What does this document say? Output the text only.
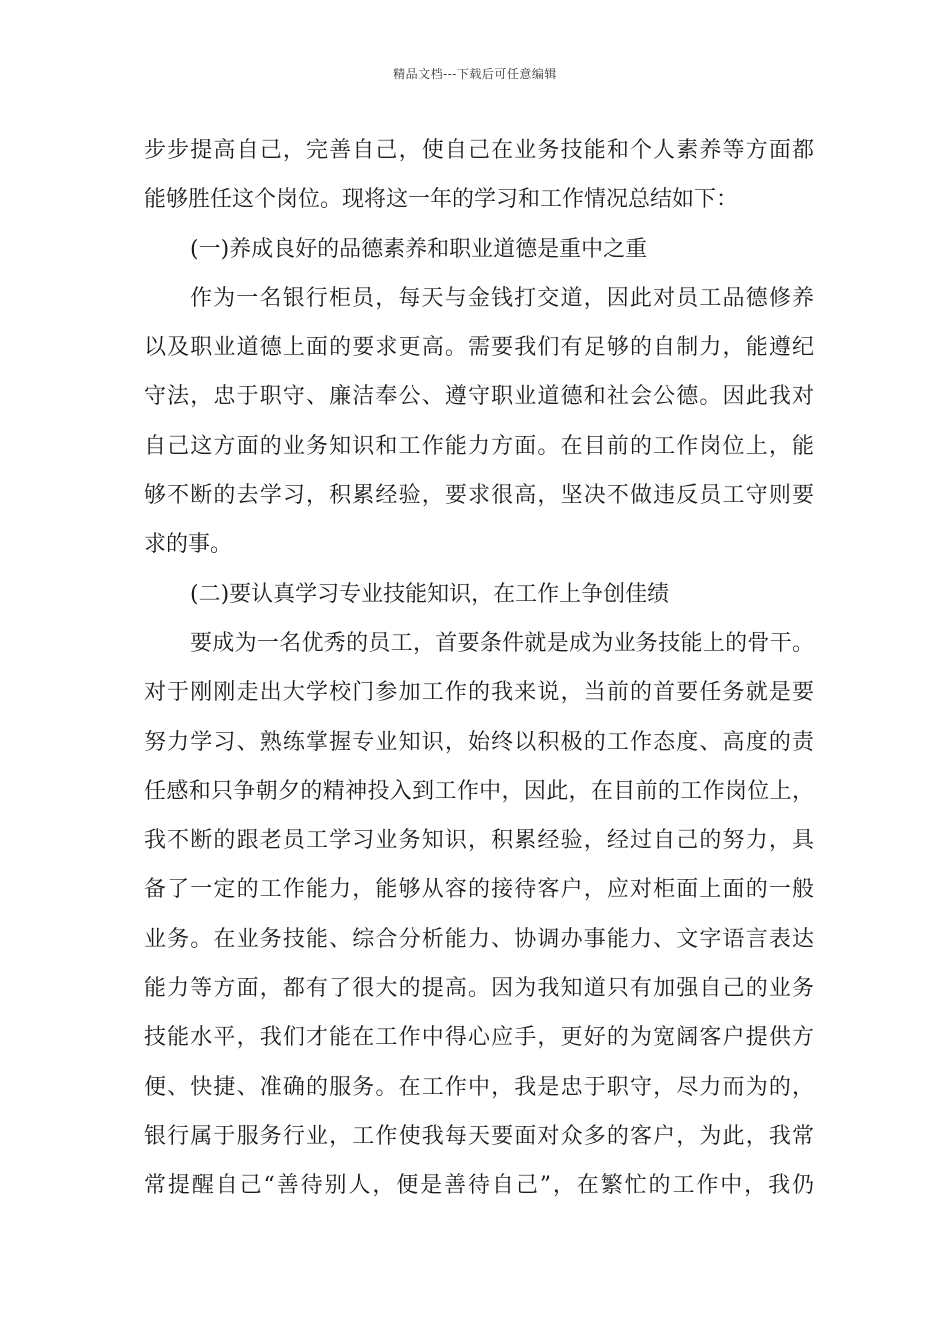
精品文档---下载后可任意编辑
步步提高自己，完善自己，使自己在业务技能和个人素养等方面都
能够胜任这个岗位。现将这一年的学习和工作情况总结如下：
(一)养成良好的品德素养和职业道德是重中之重
作为一名银行柜员，每天与金钱打交道，因此对员工品德修养
以及职业道德上面的要求更高。需要我们有足够的自制力，能遵纪
守法，忠于职守、廉洁奉公、遵守职业道德和社会公德。因此我对
自己这方面的业务知识和工作能力方面。在目前的工作岗位上，能
够不断的去学习，积累经验，要求很高，坚决不做违反员工守则要
求的事。
(二)要认真学习专业技能知识，在工作上争创佳绩
要成为一名优秀的员工，首要条件就是成为业务技能上的骨干。
对于刚刚走出大学校门参加工作的我来说，当前的首要任务就是要
努力学习、熟练掌握专业知识，始终以积极的工作态度、高度的责
任感和只争朝夕的精神投入到工作中，因此，在目前的工作岗位上，
我不断的跟老员工学习业务知识，积累经验，经过自己的努力，具
备了一定的工作能力，能够从容的接待客户，应对柜面上面的一般
业务。在业务技能、综合分析能力、协调办事能力、文字语言表达
能力等方面，都有了很大的提高。因为我知道只有加强自己的业务
技能水平，我们才能在工作中得心应手，更好的为宽阔客户提供方
便、快捷、准确的服务。在工作中，我是忠于职守，尽力而为的，
银行属于服务行业，工作使我每天要面对众多的客户，为此，我常
常提醒自己“善待别人，便是善待自己”，在繁忙的工作中，我仍
